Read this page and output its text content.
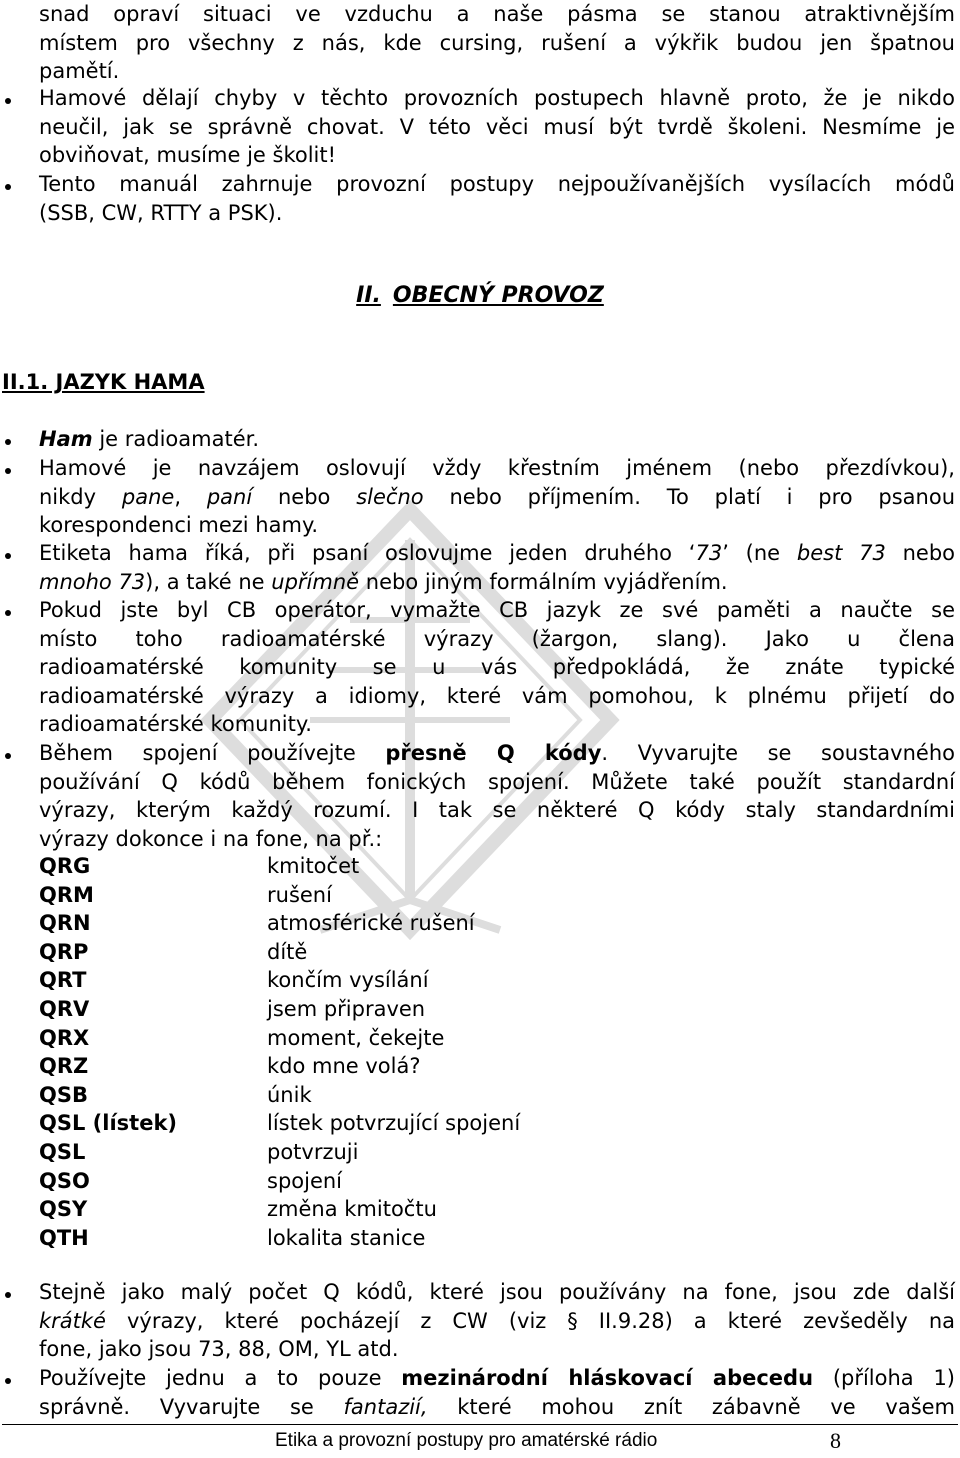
snad opraví situaci ve vzduchu a naše pásma se stanou atraktivnějším
místem pro všechny z nás, kde cursing, rušení a výkřik budou jen špatnou
pamětí.
Hamové dělají chyby v těchto provozních postupech hlavně proto, že je nikdo
neučil, jak se správně chovat. V této věci musí být tvrdě školeni. Nesmíme je
obviňovat, musíme je školit!
Tento manuál zahrnuje provozní postupy nejpoužívanějších vysílacích módů
(SSB, CW, RTTY a PSK).
II. OBECNÝ PROVOZ
II.1. JAZYK HAMA
Ham je radioamatér.
Hamové je navzájem oslovují vždy křestním jménem (nebo přezdívkou),
nikdy pane, paní nebo slečno nebo příjmením. To platí i pro psanou
korespondenci mezi hamy.
Etiketa hama říká, při psaní oslovujme jeden druhého ‘73’ (ne best 73 nebo
mnoho 73), a také ne upřímně nebo jiným formálním vyjádřením.
Pokud jste byl CB operátor, vymažte CB jazyk ze své paměti a naučte se
místo toho radioamatérské výrazy (žargon, slang). Jako u člena
radioamatérské komunity se u vás předpokládá, že znáte typické
radioamatérské výrazy a idiomy, které vám pomohou, k plnému přijetí do
radioamatérské komunity.
Během spojení používejte přesně Q kódy. Vyvarujte se soustavného
používání Q kódů během fonických spojení. Můžete také použít standardní
výrazy, kterým každý rozumí. I tak se některé Q kódy staly standardními
výrazy dokonce i na fone, na př.:
QRG	kmitočet
QRM	rušení
QRN	atmosférické rušení
QRP	dítě
QRT	končím vysílání
QRV	jsem připraven
QRX	moment, čekejte
QRZ	kdo mne volá?
QSB	únik
QSL (lístek)	lístek potvrzující spojení
QSL	potvrzuji
QSO	spojení
QSY	změna kmitočtu
QTH	lokalita stanice
Stejně jako malý počet Q kódů, které jsou používány na fone, jsou zde další
krátké výrazy, které pocházejí z CW (viz § II.9.28) a které zevšeděly na
fone, jako jsou 73, 88, OM, YL atd.
Používejte jednu a to pouze mezinárodní hláskovací abecedu (příloha 1)
správně. Vyvarujte se fantazií, které mohou znít zábavně ve vašem
Etika a provozní postupy pro amatérské rádio	8
